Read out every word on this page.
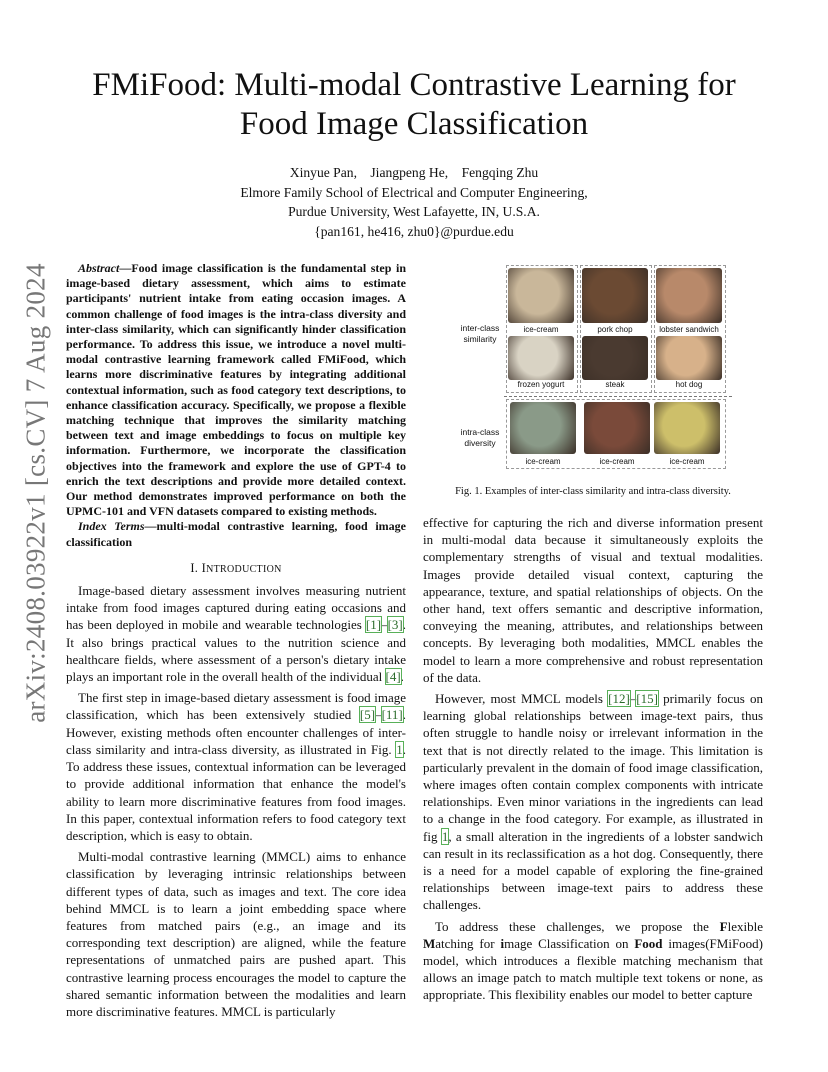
arXiv:2408.03922v1 [cs.CV] 7 Aug 2024
FMiFood: Multi-modal Contrastive Learning for
Food Image Classification
Xinyue Pan, Jiangpeng He, Fengqing Zhu
Elmore Family School of Electrical and Computer Engineering,
Purdue University, West Lafayette, IN, U.S.A.
{pan161, he416, zhu0}@purdue.edu

Abstract—Food image classification is the fundamental step in image-based dietary assessment, which aims to estimate participants' nutrient intake from eating occasion images. A common challenge of food images is the intra-class diversity and inter-class similarity, which can significantly hinder classification performance. To address this issue, we introduce a novel multi-modal contrastive learning framework called FMiFood, which learns more discriminative features by integrating additional contextual information, such as food category text descriptions, to enhance classification accuracy. Specifically, we propose a flexible matching technique that improves the similarity matching between text and image embeddings to focus on multiple key information. Furthermore, we incorporate the classification objectives into the framework and explore the use of GPT-4 to enrich the text descriptions and provide more detailed context. Our method demonstrates improved performance on both the UPMC-101 and VFN datasets compared to existing methods.

Index Terms—multi-modal contrastive learning, food image classification

I. INTRODUCTION

Image-based dietary assessment involves measuring nutrient intake from food images captured during eating occasions and has been deployed in mobile and wearable technologies [1]–[3]. It also brings practical values to the nutrition science and healthcare fields, where assessment of a person's dietary intake plays an important role in the overall health of the individual [4].

The first step in image-based dietary assessment is food image classification, which has been extensively studied [5]–[11]. However, existing methods often encounter challenges of inter-class similarity and intra-class diversity, as illustrated in Fig. 1. To address these issues, contextual information can be leveraged to provide additional information that enhance the model's ability to learn more discriminative features from food images. In this paper, contextual information refers to food category text description, which is easy to obtain.

Multi-modal contrastive learning (MMCL) aims to enhance classification by leveraging intrinsic relationships between different types of data, such as images and text. The core idea behind MMCL is to learn a joint embedding space where features from matched pairs (e.g., an image and its corresponding text description) are aligned, while the feature representations of unmatched pairs are pushed apart. This contrastive learning process encourages the model to capture the shared semantic information between the modalities and learn more discriminative features. MMCL is particularly

inter-class
similarity
intra-class
diversity
ice-cream	pork chop	lobster sandwich
frozen yogurt	steak	hot dog
ice-cream	ice-cream	ice-cream
Fig. 1. Examples of inter-class similarity and intra-class diversity.

effective for capturing the rich and diverse information present in multi-modal data because it simultaneously exploits the complementary strengths of visual and textual modalities. Images provide detailed visual context, capturing the appearance, texture, and spatial relationships of objects. On the other hand, text offers semantic and descriptive information, conveying the meaning, attributes, and relationships between concepts. By leveraging both modalities, MMCL enables the model to learn a more comprehensive and robust representation of the data.

However, most MMCL models [12]–[15] primarily focus on learning global relationships between image-text pairs, thus often struggle to handle noisy or irrelevant information in the text that is not directly related to the image. This limitation is particularly prevalent in the domain of food image classification, where images often contain complex components with intricate relationships. Even minor variations in the ingredients can lead to a change in the food category. For example, as illustrated in fig 1, a small alteration in the ingredients of a lobster sandwich can result in its reclassification as a hot dog. Consequently, there is a need for a model capable of exploring the fine-grained relationships between image-text pairs to address these challenges.

To address these challenges, we propose the Flexible Matching for image Classification on Food images(FMiFood) model, which introduces a flexible matching mechanism that allows an image patch to match multiple text tokens or none, as appropriate. This flexibility enables our model to better capture
